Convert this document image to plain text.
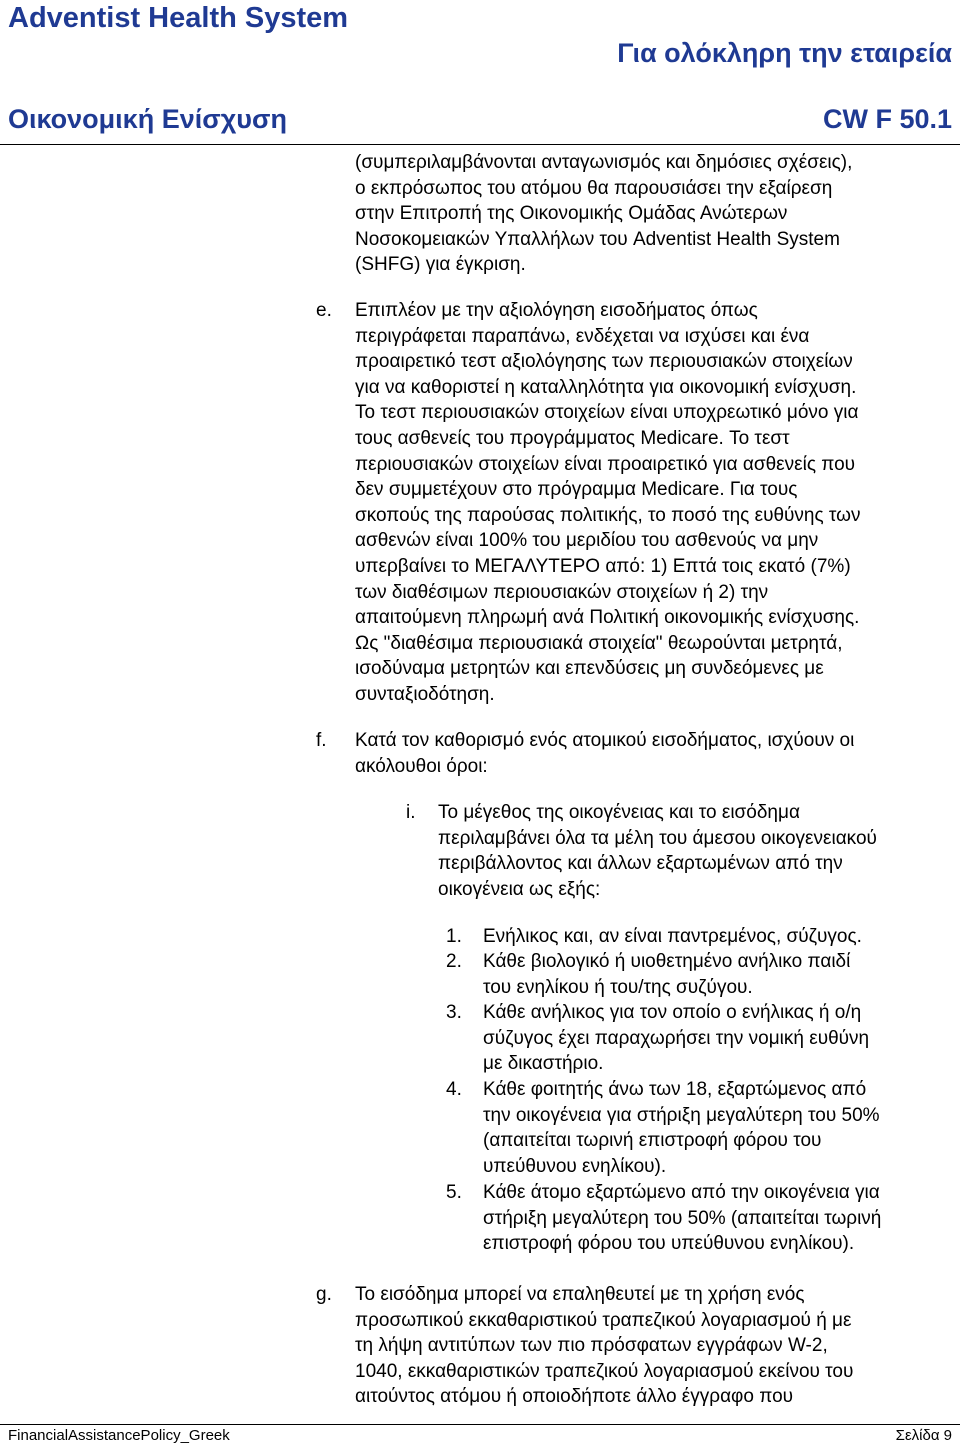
Adventist Health System
Για ολόκληρη την εταιρεία
Οικονομική Ενίσχυση	CW F 50.1
(συμπεριλαμβάνονται ανταγωνισμός και δημόσιες σχέσεις),
ο εκπρόσωπος του ατόμου θα παρουσιάσει την εξαίρεση
στην Επιτροπή της Οικονομικής Ομάδας Ανώτερων
Νοσοκομειακών Υπαλλήλων του Adventist Health System
(SHFG) για έγκριση.
e. Επιπλέον με την αξιολόγηση εισοδήματος όπως
περιγράφεται παραπάνω, ενδέχεται να ισχύσει και ένα
προαιρετικό τεστ αξιολόγησης των περιουσιακών στοιχείων
για να καθοριστεί η καταλληλότητα για οικονομική ενίσχυση.
Το τεστ περιουσιακών στοιχείων είναι υποχρεωτικό μόνο για
τους ασθενείς του προγράμματος Medicare. Το τεστ
περιουσιακών στοιχείων είναι προαιρετικό για ασθενείς που
δεν συμμετέχουν στο πρόγραμμα Medicare. Για τους
σκοπούς της παρούσας πολιτικής, το ποσό της ευθύνης των
ασθενών είναι 100% του μεριδίου του ασθενούς να μην
υπερβαίνει το ΜΕΓΑΛΥΤΕΡΟ από: 1) Επτά τοις εκατό (7%)
των διαθέσιμων περιουσιακών στοιχείων ή 2) την
απαιτούμενη πληρωμή ανά Πολιτική οικονομικής ενίσχυσης.
Ως "διαθέσιμα περιουσιακά στοιχεία" θεωρούνται μετρητά,
ισοδύναμα μετρητών και επενδύσεις μη συνδεόμενες με
συνταξιοδότηση.
f. Κατά τον καθορισμό ενός ατομικού εισοδήματος, ισχύουν οι
ακόλουθοι όροι:
i. Το μέγεθος της οικογένειας και το εισόδημα
περιλαμβάνει όλα τα μέλη του άμεσου οικογενειακού
περιβάλλοντος και άλλων εξαρτωμένων από την
οικογένεια ως εξής:
1. Ενήλικος και, αν είναι παντρεμένος, σύζυγος.
2. Κάθε βιολογικό ή υιοθετημένο ανήλικο παιδί
του ενηλίκου ή του/της συζύγου.
3. Κάθε ανήλικος για τον οποίο ο ενήλικας ή ο/η
σύζυγος έχει παραχωρήσει την νομική ευθύνη
με δικαστήριο.
4. Κάθε φοιτητής άνω των 18, εξαρτώμενος από
την οικογένεια για στήριξη μεγαλύτερη του 50%
(απαιτείται τωρινή επιστροφή φόρου του
υπεύθυνου ενηλίκου).
5. Κάθε άτομο εξαρτώμενο από την οικογένεια για
στήριξη μεγαλύτερη του 50% (απαιτείται τωρινή
επιστροφή φόρου του υπεύθυνου ενηλίκου).
g. Το εισόδημα μπορεί να επαληθευτεί με τη χρήση ενός
προσωπικού εκκαθαριστικού τραπεζικού λογαριασμού ή με
τη λήψη αντιτύπων των πιο πρόσφατων εγγράφων W-2,
1040, εκκαθαριστικών τραπεζικού λογαριασμού εκείνου του
αιτούντος ατόμου ή οποιοδήποτε άλλο έγγραφο που
FinancialAssistancePolicy_Greek	Σελίδα 9
